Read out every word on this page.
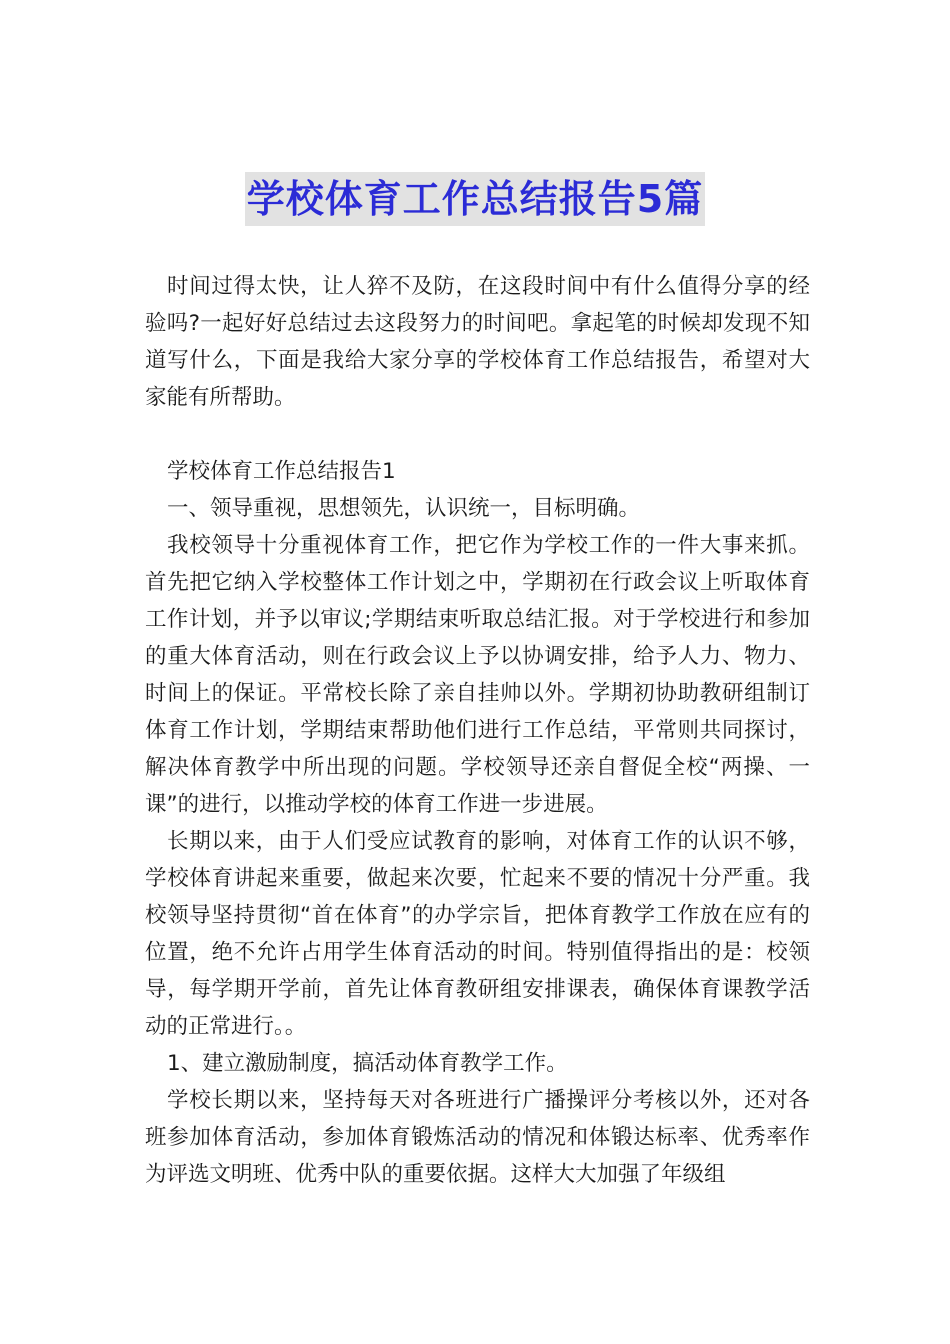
学校体育工作总结报告5篇

时间过得太快，让人猝不及防，在这段时间中有什么值得分享的经验吗?一起好好总结过去这段努力的时间吧。拿起笔的时候却发现不知道写什么，下面是我给大家分享的学校体育工作总结报告，希望对大家能有所帮助。

学校体育工作总结报告1

一、领导重视，思想领先，认识统一，目标明确。

我校领导十分重视体育工作，把它作为学校工作的一件大事来抓。首先把它纳入学校整体工作计划之中，学期初在行政会议上听取体育工作计划，并予以审议;学期结束听取总结汇报。对于学校进行和参加的重大体育活动，则在行政会议上予以协调安排，给予人力、物力、时间上的保证。平常校长除了亲自挂帅以外。学期初协助教研组制订体育工作计划，学期结束帮助他们进行工作总结，平常则共同探讨，解决体育教学中所出现的问题。学校领导还亲自督促全校“两操、一课”的进行，以推动学校的体育工作进一步进展。

长期以来，由于人们受应试教育的影响，对体育工作的认识不够，学校体育讲起来重要，做起来次要，忙起来不要的情况十分严重。我校领导坚持贯彻“首在体育”的办学宗旨，把体育教学工作放在应有的位置，绝不允许占用学生体育活动的时间。特别值得指出的是：校领导，每学期开学前，首先让体育教研组安排课表，确保体育课教学活动的正常进行。。

1、建立激励制度，搞活动体育教学工作。

学校长期以来，坚持每天对各班进行广播操评分考核以外，还对各班参加体育活动，参加体育锻炼活动的情况和体锻达标率、优秀率作为评选文明班、优秀中队的重要依据。这样大大加强了年级组
